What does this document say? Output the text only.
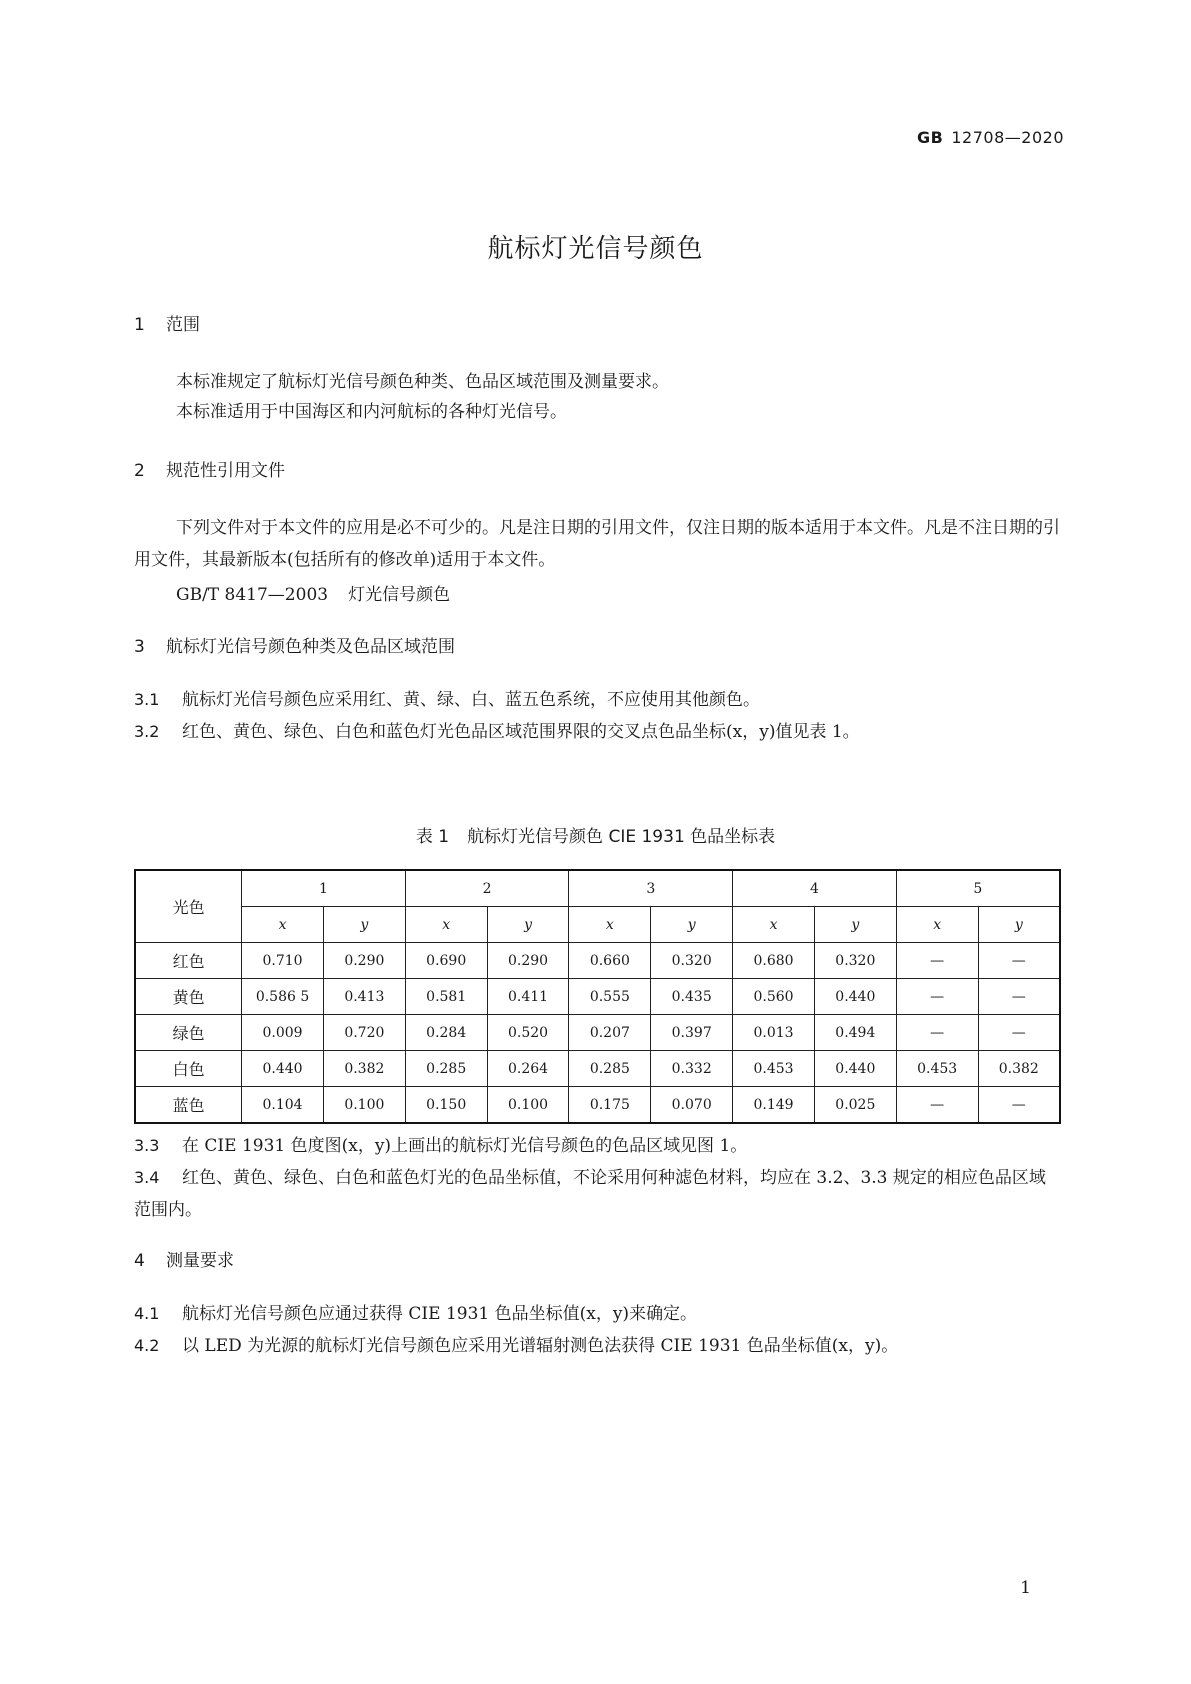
GB 12708—2020
航标灯光信号颜色
1 范围
本标准规定了航标灯光信号颜色种类、色品区域范围及测量要求。
本标准适用于中国海区和内河航标的各种灯光信号。
2 规范性引用文件
下列文件对于本文件的应用是必不可少的。凡是注日期的引用文件，仅注日期的版本适用于本文件。凡是不注日期的引用文件，其最新版本(包括所有的修改单)适用于本文件。
GB/T 8417—2003 灯光信号颜色
3 航标灯光信号颜色种类及色品区域范围
3.1 航标灯光信号颜色应采用红、黄、绿、白、蓝五色系统，不应使用其他颜色。
3.2 红色、黄色、绿色、白色和蓝色灯光色品区域范围界限的交叉点色品坐标(x，y)值见表 1。
表 1 航标灯光信号颜色 CIE 1931 色品坐标表
光色	1		2		3		4		5	
	x	y	x	y	x	y	x	y	x	y
红色	0.710	0.290	0.690	0.290	0.660	0.320	0.680	0.320	—	—
黄色	0.586 5	0.413	0.581	0.411	0.555	0.435	0.560	0.440	—	—
绿色	0.009	0.720	0.284	0.520	0.207	0.397	0.013	0.494	—	—
白色	0.440	0.382	0.285	0.264	0.285	0.332	0.453	0.440	0.453	0.382
蓝色	0.104	0.100	0.150	0.100	0.175	0.070	0.149	0.025	—	—
3.3 在 CIE 1931 色度图(x，y)上画出的航标灯光信号颜色的色品区域见图 1。
3.4 红色、黄色、绿色、白色和蓝色灯光的色品坐标值，不论采用何种滤色材料，均应在 3.2、3.3 规定的相应色品区域范围内。
4 测量要求
4.1 航标灯光信号颜色应通过获得 CIE 1931 色品坐标值(x，y)来确定。
4.2 以 LED 为光源的航标灯光信号颜色应采用光谱辐射测色法获得 CIE 1931 色品坐标值(x，y)。
1
